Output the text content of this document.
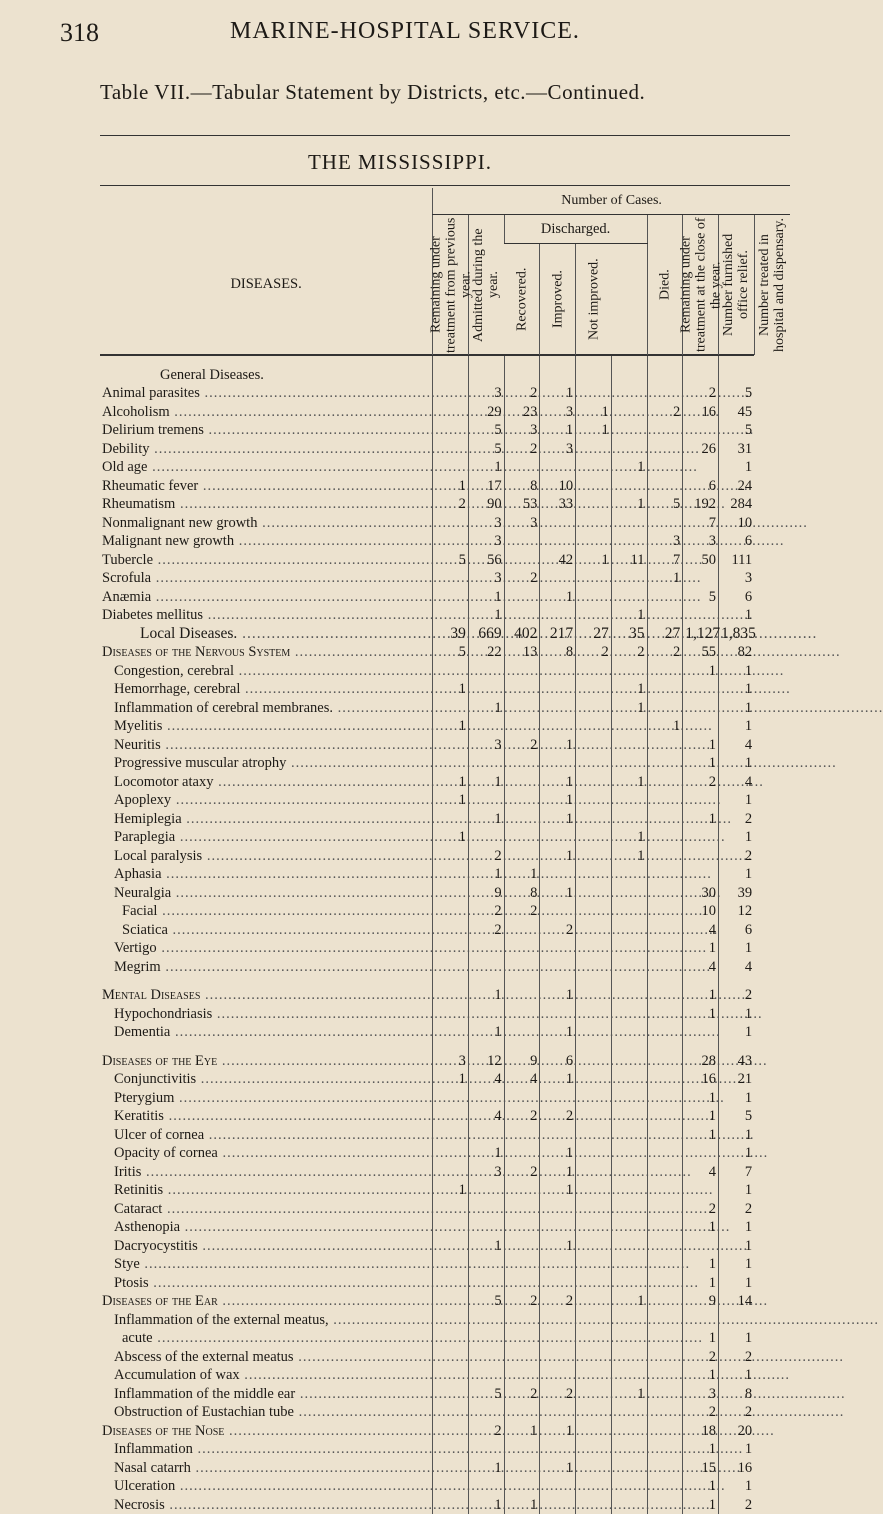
318	MARINE-HOSPITAL SERVICE.
Table VII.—Tabular Statement by Districts, etc.—Continued.
THE MISSISSIPPI.
	Number of Cases.									
DISEASES.	Remaining under treatment from previous year.	Admitted during the year.	Discharged.				Died.	Remaining under treatment at the close of the year.	Number furnished office relief.	Number treated in hospital and dispensary.

Recovered.	Improved.	Not improved.					

General Diseases.										
Animal parasites .....		3	2	1				2	5	
Alcoholism .....		29	23	3	1		2	16	45	
Delirium tremens .....		5	3	1	1				5	
Debility .....		5	2	3				26	31	
Old age .....		1				1			1	
Rheumatic fever .....	1	17	8	10				6	24	
Rheumatism .....	2	90	53	33		1	5	192	284	
Nonmalignant new growth .....		3	3					7	10	
Malignant new growth .....		3					3	3	6	
Tubercle .....	5	56		42	1	11	7	50	111	
Scrofula .....		3	2				1		3	
Anæmia .....		1		1				5	6	
Diabetes mellitus .....		1				1			1	
Local Diseases. .....	39	669	402	217	27	35	27	1,127	1,835	
Diseases of the Nervous System .....	5	22	13	8	2	2	2	55	82	
Congestion, cerebral .....								1	1	
Hemorrhage, cerebral .....	1					1			1	
Inflammation of cerebral membranes. .....		1				1			1	
Myelitis .....	1						1		1	
Neuritis .....		3	2	1				1	4	
Progressive muscular atrophy .....								1	1	
Locomotor ataxy .....	1	1		1		1		2	4	
Apoplexy .....	1			1					1	
Hemiplegia .....		1		1				1	2	
Paraplegia .....	1					1			1	
Local paralysis .....		2		1		1			2	
Aphasia .....		1	1						1	
Neuralgia .....		9	8	1				30	39	
Facial .....		2	2					10	12	
Sciatica .....		2		2				4	6	
Vertigo .....								1	1	
Megrim .....								4	4	

Mental Diseases .....		1		1				1	2	
Hypochondriasis .....								1	1	
Dementia .....		1		1					1	

Diseases of the Eye .....	3	12	9	6				28	43	
Conjunctivitis .....	1	4	4	1				16	21	
Pterygium .....								1	1	
Keratitis .....		4	2	2				1	5	
Ulcer of cornea .....								1	1	
Opacity of cornea .....		1		1					1	
Iritis .....		3	2	1				4	7	
Retinitis .....	1			1					1	
Cataract .....								2	2	
Asthenopia .....								1	1	
Dacryocystitis .....		1		1					1	
Stye .....								1	1	
Ptosis .....								1	1	
Diseases of the Ear .....		5	2	2		1		9	14	
Inflammation of the external meatus, .....									
acute .....								1	1	
Abscess of the external meatus .....								2	2	
Accumulation of wax .....								1	1	
Inflammation of the middle ear .....		5	2	2		1		3	8	
Obstruction of Eustachian tube .....								2	2	
Diseases of the Nose .....		2	1	1				18	20	
Inflammation .....								1	1	
Nasal catarrh .....		1		1				15	16	
Ulceration .....								1	1	
Necrosis .....		1	1					1	2	
